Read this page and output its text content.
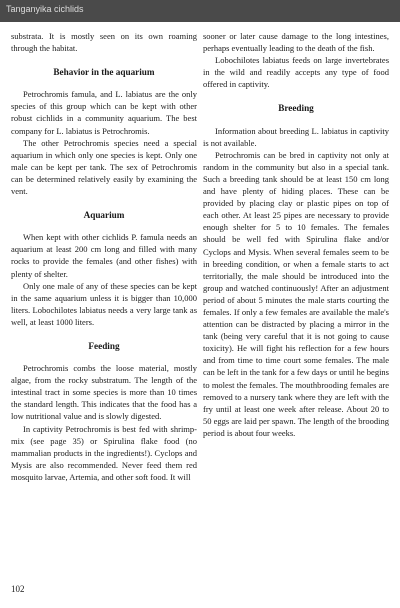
Tanganyika cichlids

substrata. It is mostly seen on its own roaming through the habitat.

Behavior in the aquarium

Petrochromis famula, and L. labiatus are the only species of this group which can be kept with other robust cichlids in a community aquarium. The best company for L. labiatus is Petrochromis.

The other Petrochromis species need a special aquarium in which only one species is kept. Only one male can be kept per tank. The sex of Petrochromis can be determined relatively easily by examining the vent.

Aquarium

When kept with other cichlids P. famula needs an aquarium at least 200 cm long and filled with many rocks to provide the females (and other fishes) with plenty of shelter.

Only one male of any of these species can be kept in the same aquarium unless it is bigger than 10,000 liters. Lobochilotes labiatus needs a very large tank as well, at least 1000 liters.

Feeding

Petrochromis combs the loose material, mostly algae, from the rocky substratum. The length of the intestinal tract in some species is more than 10 times the standard length. This indicates that the food has a low nutritional value and is slowly digested.

In captivity Petrochromis is best fed with shrimp-mix (see page 35) or Spirulina flake food (no mammalian products in the ingredients!). Cyclops and Mysis are also recommended. Never feed them red mosquito larvae, Artemia, and other soft food. It will

sooner or later cause damage to the long intestines, perhaps eventually leading to the death of the fish.

Lobochilotes labiatus feeds on large invertebrates in the wild and readily accepts any type of food offered in captivity.

Breeding

Information about breeding L. labiatus in captivity is not available.

Petrochromis can be bred in captivity not only at random in the community but also in a special tank. Such a breeding tank should be at least 150 cm long and have plenty of hiding places. These can be provided by placing clay or plastic pipes on top of each other. At least 25 pipes are necessary to provide enough shelter for 5 to 10 females. The females should be well fed with Spirulina flake and/or Cyclops and Mysis. When several females seem to be in breeding condition, or when a female starts to act territorially, the male should be introduced into the group and watched continuously! After an adjustment period of about 5 minutes the male starts courting the females. If only a few females are available the male's attention can be distracted by placing a mirror in the tank (being very careful that it is not going to cause toxicity). He will fight his reflection for a few hours and from time to time court some females. The male can be left in the tank for a few days or until he begins to molest the females. The mouthbrooding females are removed to a nursery tank where they are left with the fry until at least one week after release. About 20 to 50 eggs are laid per spawn. The length of the brooding period is about four weeks.

102
